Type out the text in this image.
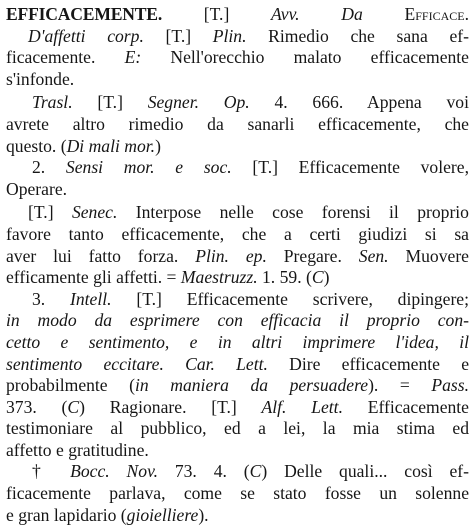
EFFICACEMENTE. [T.] Avv. Da Efficace.
D'affetti corp. [T.] Plin. Rimedio che sana ef-
ficacemente. E: Nell'orecchio malato efficacemente
s'infonde.
Trasl. [T.] Segner. Op. 4. 666. Appena voi
avrete altro rimedio da sanarli efficacemente, che
questo. (Di mali mor.)
2. Sensi mor. e soc. [T.] Efficacemente volere,
Operare.
[T.] Senec. Interpose nelle cose forensi il proprio
favore tanto efficacemente, che a certi giudizi si sa
aver lui fatto forza. Plin. ep. Pregare. Sen. Muovere
efficamente gli affetti. = Maestruzz. 1. 59. (C)
3. Intell. [T.] Efficacemente scrivere, dipingere;
in modo da esprimere con efficacia il proprio con-
cetto e sentimento, e in altri imprimere l'idea, il
sentimento eccitare. Car. Lett. Dire efficacemente e
probabilmente (in maniera da persuadere). = Pass.
373. (C) Ragionare. [T.] Alf. Lett. Efficacemente
testimoniare al pubblico, ed a lei, la mia stima ed
affetto e gratitudine.
† Bocc. Nov. 73. 4. (C) Delle quali... così ef-
ficacemente parlava, come se stato fosse un solenne
e gran lapidario (gioielliere).
